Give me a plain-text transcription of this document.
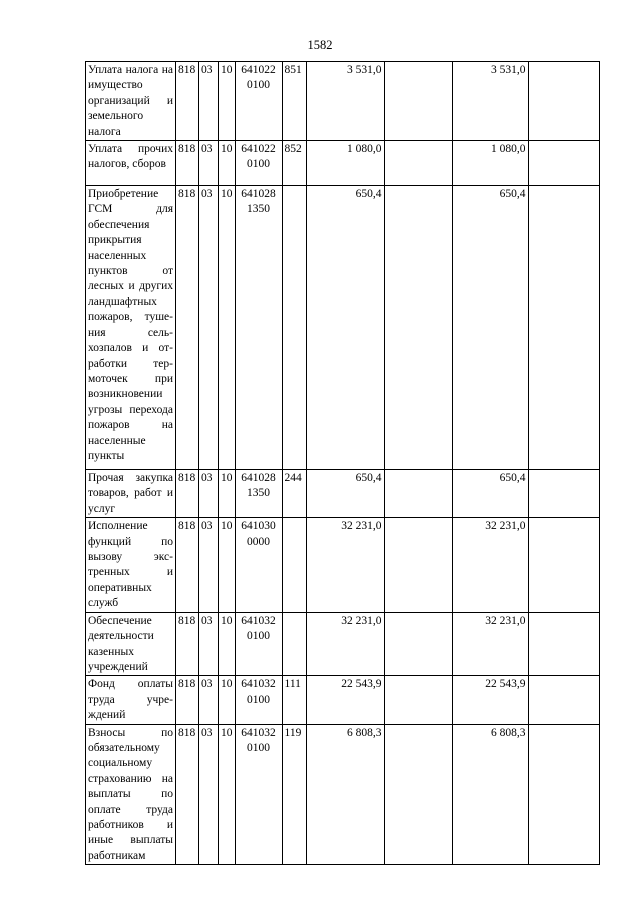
1582
Уплата налога на имущество организаций и земельного налога	818	03	10	641022 0100	851	3 531,0		3 531,0	
Уплата прочих налогов, сборов	818	03	10	641022 0100	852	1 080,0		1 080,0	
Приобретение ГСМ для обеспечения прикрытия населенных пунктов от лесных и других ландшафтных пожаров, тушения сельхозпалов и отработки термоточек при возникновении угрозы перехода пожаров на населенные пункты	818	03	10	641028 1350		650,4		650,4	
Прочая закупка товаров, работ и услуг	818	03	10	641028 1350	244	650,4		650,4	
Исполнение функций по вызову экстренных и оперативных служб	818	03	10	641030 0000		32 231,0		32 231,0	
Обеспечение деятельности казенных учреждений	818	03	10	641032 0100		32 231,0		32 231,0	
Фонд оплаты труда учреждений	818	03	10	641032 0100	111	22 543,9		22 543,9	
Взносы по обязательному социальному страхованию на выплаты по оплате труда работников и иные выплаты работникам	818	03	10	641032 0100	119	6 808,3		6 808,3	
